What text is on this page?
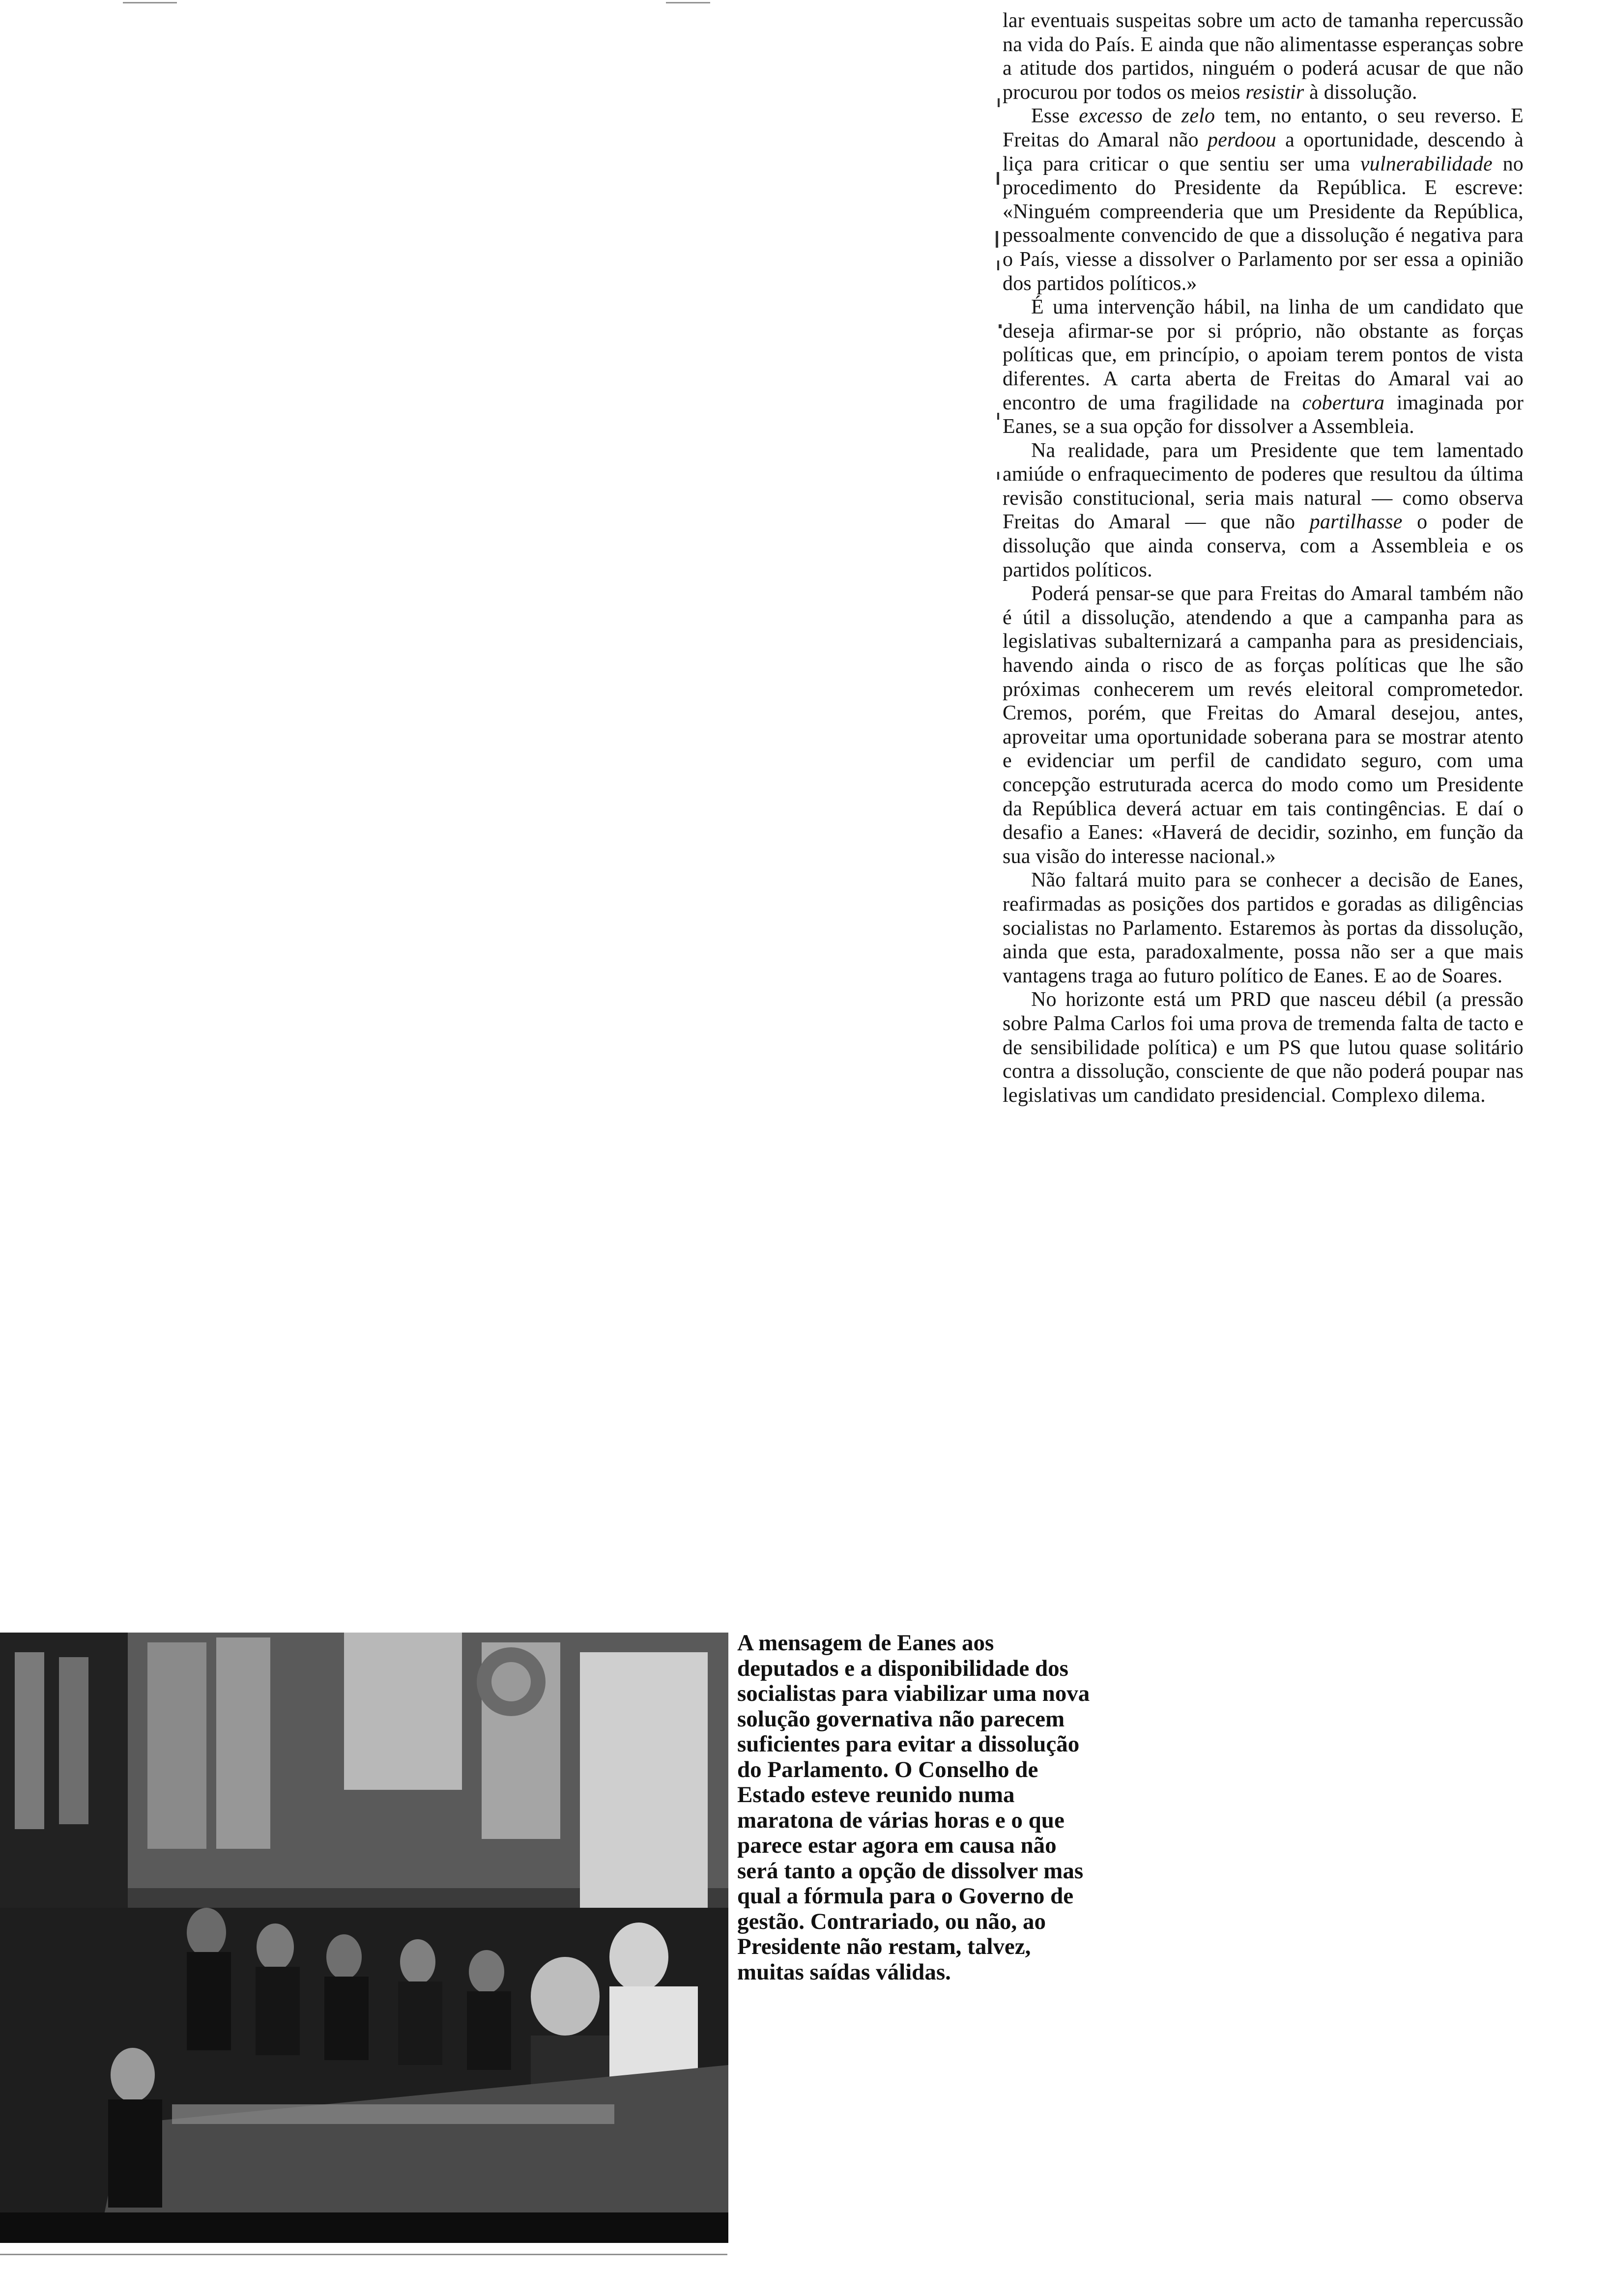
lar eventuais suspeitas sobre um acto de tamanha repercussão na vida do País. E ainda que não alimentasse esperanças sobre a atitude dos partidos, ninguém o poderá acusar de que não procurou por todos os meios resistir à dissolução.

Esse excesso de zelo tem, no entanto, o seu reverso. E Freitas do Amaral não perdoou a oportunidade, descendo à liça para criticar o que sentiu ser uma vulnerabilidade no procedimento do Presidente da República. E escreve: «Ninguém compreenderia que um Presidente da República, pessoalmente convencido de que a dissolução é negativa para o País, viesse a dissolver o Parlamento por ser essa a opinião dos partidos políticos.»

É uma intervenção hábil, na linha de um candidato que deseja afirmar-se por si próprio, não obstante as forças políticas que, em princípio, o apoiam terem pontos de vista diferentes. A carta aberta de Freitas do Amaral vai ao encontro de uma fragilidade na cobertura imaginada por Eanes, se a sua opção for dissolver a Assembleia.

Na realidade, para um Presidente que tem lamentado amiúde o enfraquecimento de poderes que resultou da última revisão constitucional, seria mais natural — como observa Freitas do Amaral — que não partilhasse o poder de dissolução que ainda conserva, com a Assembleia e os partidos políticos.

Poderá pensar-se que para Freitas do Amaral também não é útil a dissolução, atendendo a que a campanha para as legislativas subalternizará a campanha para as presidenciais, havendo ainda o risco de as forças políticas que lhe são próximas conhecerem um revés eleitoral comprometedor. Cremos, porém, que Freitas do Amaral desejou, antes, aproveitar uma oportunidade soberana para se mostrar atento e evidenciar um perfil de candidato seguro, com uma concepção estruturada acerca do modo como um Presidente da República deverá actuar em tais contingências. E daí o desafio a Eanes: «Haverá de decidir, sozinho, em função da sua visão do interesse nacional.»

Não faltará muito para se conhecer a decisão de Eanes, reafirmadas as posições dos partidos e goradas as diligências socialistas no Parlamento. Estaremos às portas da dissolução, ainda que esta, paradoxalmente, possa não ser a que mais vantagens traga ao futuro político de Eanes. E ao de Soares.

No horizonte está um PRD que nasceu débil (a pressão sobre Palma Carlos foi uma prova de tremenda falta de tacto e de sensibilidade política) e um PS que lutou quase solitário contra a dissolução, consciente de que não poderá poupar nas legislativas um candidato presidencial. Complexo dilema.

A mensagem de Eanes aos deputados e a disponibilidade dos socialistas para viabilizar uma nova solução governativa não parecem suficientes para evitar a dissolução do Parlamento. O Conselho de Estado esteve reunido numa maratona de várias horas e o que parece estar agora em causa não será tanto a opção de dissolver mas qual a fórmula para o Governo de gestão. Contrariado, ou não, ao Presidente não restam, talvez, muitas saídas válidas.
